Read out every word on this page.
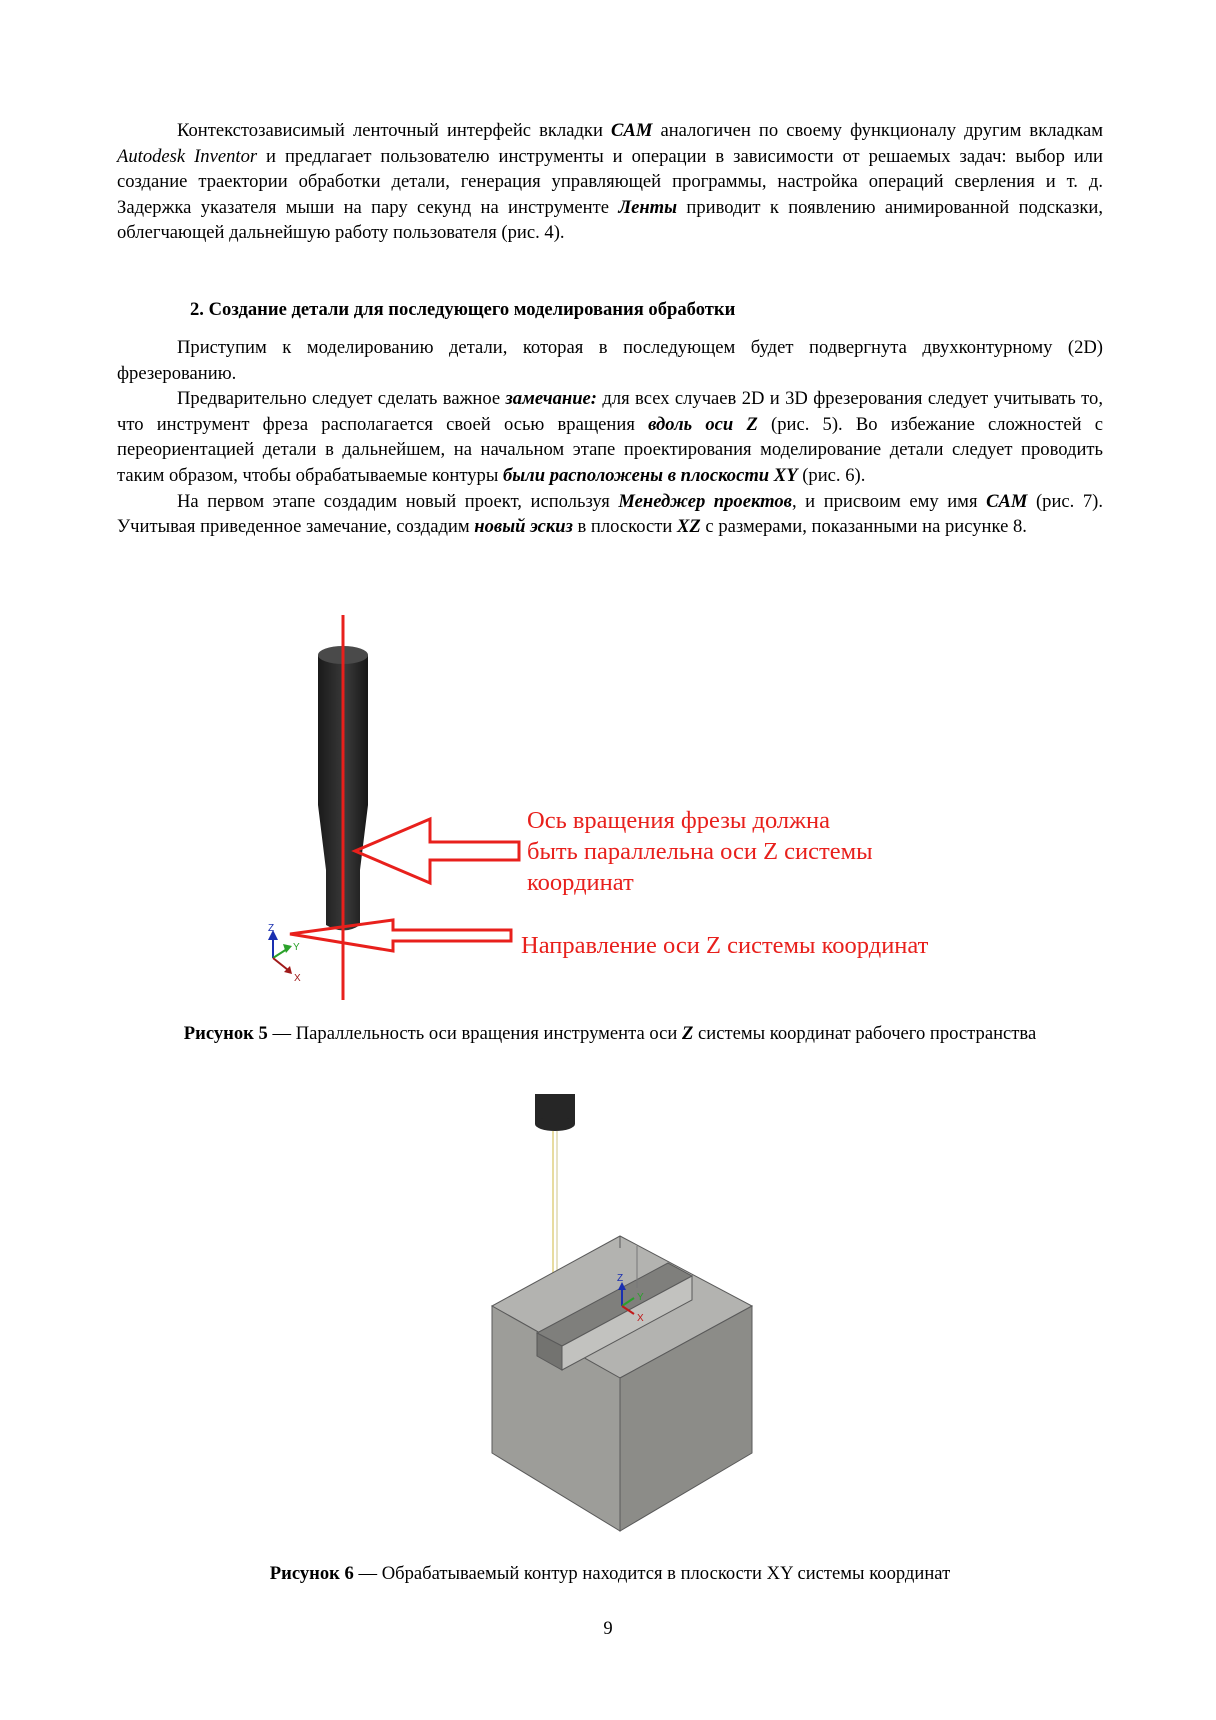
Контекстозависимый ленточный интерфейс вкладки CAM аналогичен по своему функционалу другим вкладкам Autodesk Inventor и предлагает пользователю инструменты и операции в зависимости от решаемых задач: выбор или создание траектории обработки детали, генерация управляющей программы, настройка операций сверления и т. д. Задержка указателя мыши на пару секунд на инструменте Ленты приводит к появлению анимированной подсказки, облегчающей дальнейшую работу пользователя (рис. 4).

2. Создание детали для последующего моделирования обработки

Приступим к моделированию детали, которая в последующем будет подвергнута двухконтурному (2D) фрезерованию.

Предварительно следует сделать важное замечание: для всех случаев 2D и 3D фрезерования следует учитывать то, что инструмент фреза располагается своей осью вращения вдоль оси Z (рис. 5). Во избежание сложностей с переориентацией детали в дальнейшем, на начальном этапе проектирования моделирование детали следует проводить таким образом, чтобы обрабатываемые контуры были расположены в плоскости XY (рис. 6).

На первом этапе создадим новый проект, используя Менеджер проектов, и присвоим ему имя CAM (рис. 7). Учитывая приведенное замечание, создадим новый эскиз в плоскости XZ с размерами, показанными на рисунке 8.

Z
Y
X
Ось вращения фрезы должна
быть параллельна оси Z системы
координат
Направление оси Z системы координат
Рисунок 5 — Параллельность оси вращения инструмента оси Z системы координат рабочего пространства
Z
Y
X
Рисунок 6 — Обрабатываемый контур находится в плоскости XY системы координат
9
